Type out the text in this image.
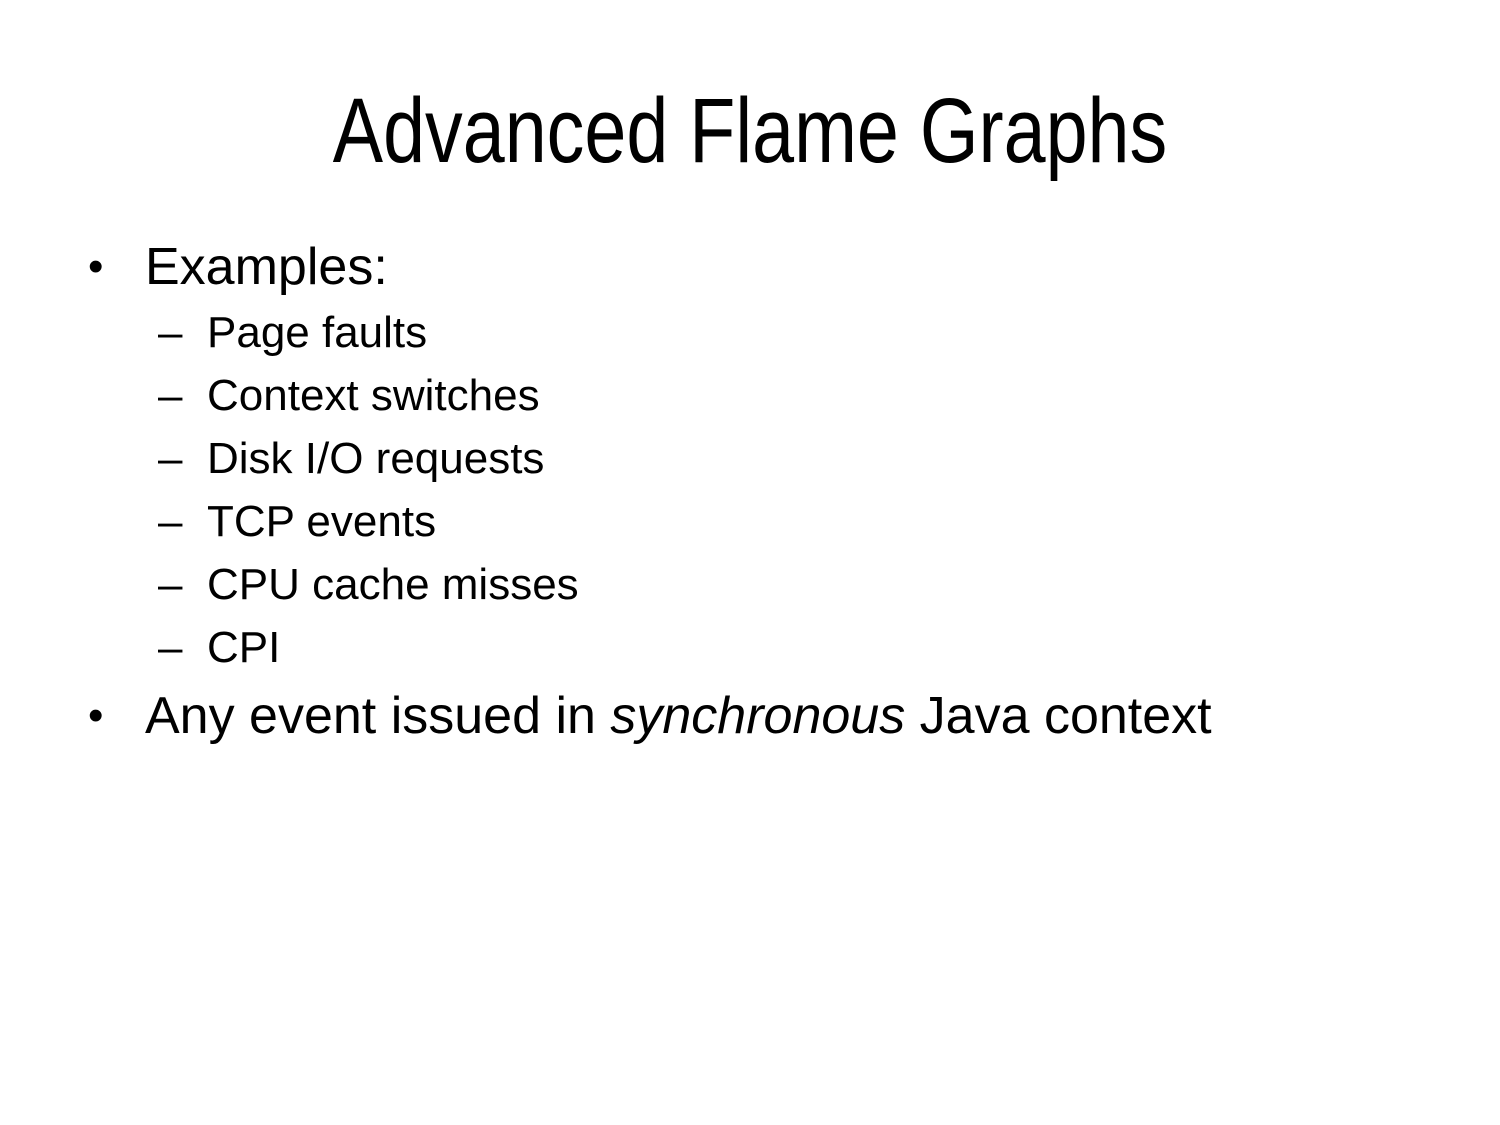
Advanced Flame Graphs
• Examples:
– Page faults
– Context switches
– Disk I/O requests
– TCP events
– CPU cache misses
– CPI
• Any event issued in synchronous Java context
